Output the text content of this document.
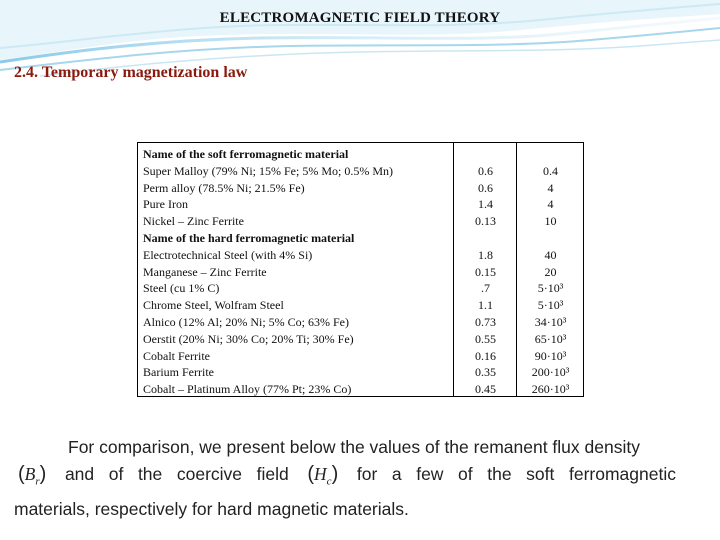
ELECTROMAGNETIC FIELD THEORY
2.4. Temporary magnetization law
Name of the soft ferromagnetic material
Super Malloy (79% Ni; 15% Fe; 5% Mo; 0.5% Mn)
Perm alloy (78.5% Ni; 21.5% Fe)
Pure Iron
Nickel – Zinc Ferrite
Name of the hard ferromagnetic material
Electrotechnical Steel (with 4% Si)
Manganese – Zinc Ferrite
Steel (cu 1% C)
Chrome Steel, Wolfram Steel
Alnico (12% Al; 20% Ni; 5% Co; 63% Fe)
Oerstit (20% Ni; 30% Co; 20% Ti; 30% Fe)
Cobalt Ferrite
Barium Ferrite
Cobalt – Platinum Alloy (77% Pt; 23% Co)
0.6
0.6
1.4
0.13
1.8
0.15
.7
1.1
0.73
0.55
0.16
0.35
0.45
0.4
4
4
10
40
20
5·10³
5·10³
34·10³
65·10³
90·10³
200·10³
260·10³

For comparison, we present below the values of the remanent flux density

$(B_r)$ and of the coercive field $(H_c)$ for a few of the soft ferromagnetic

materials, respectively for hard magnetic materials.
